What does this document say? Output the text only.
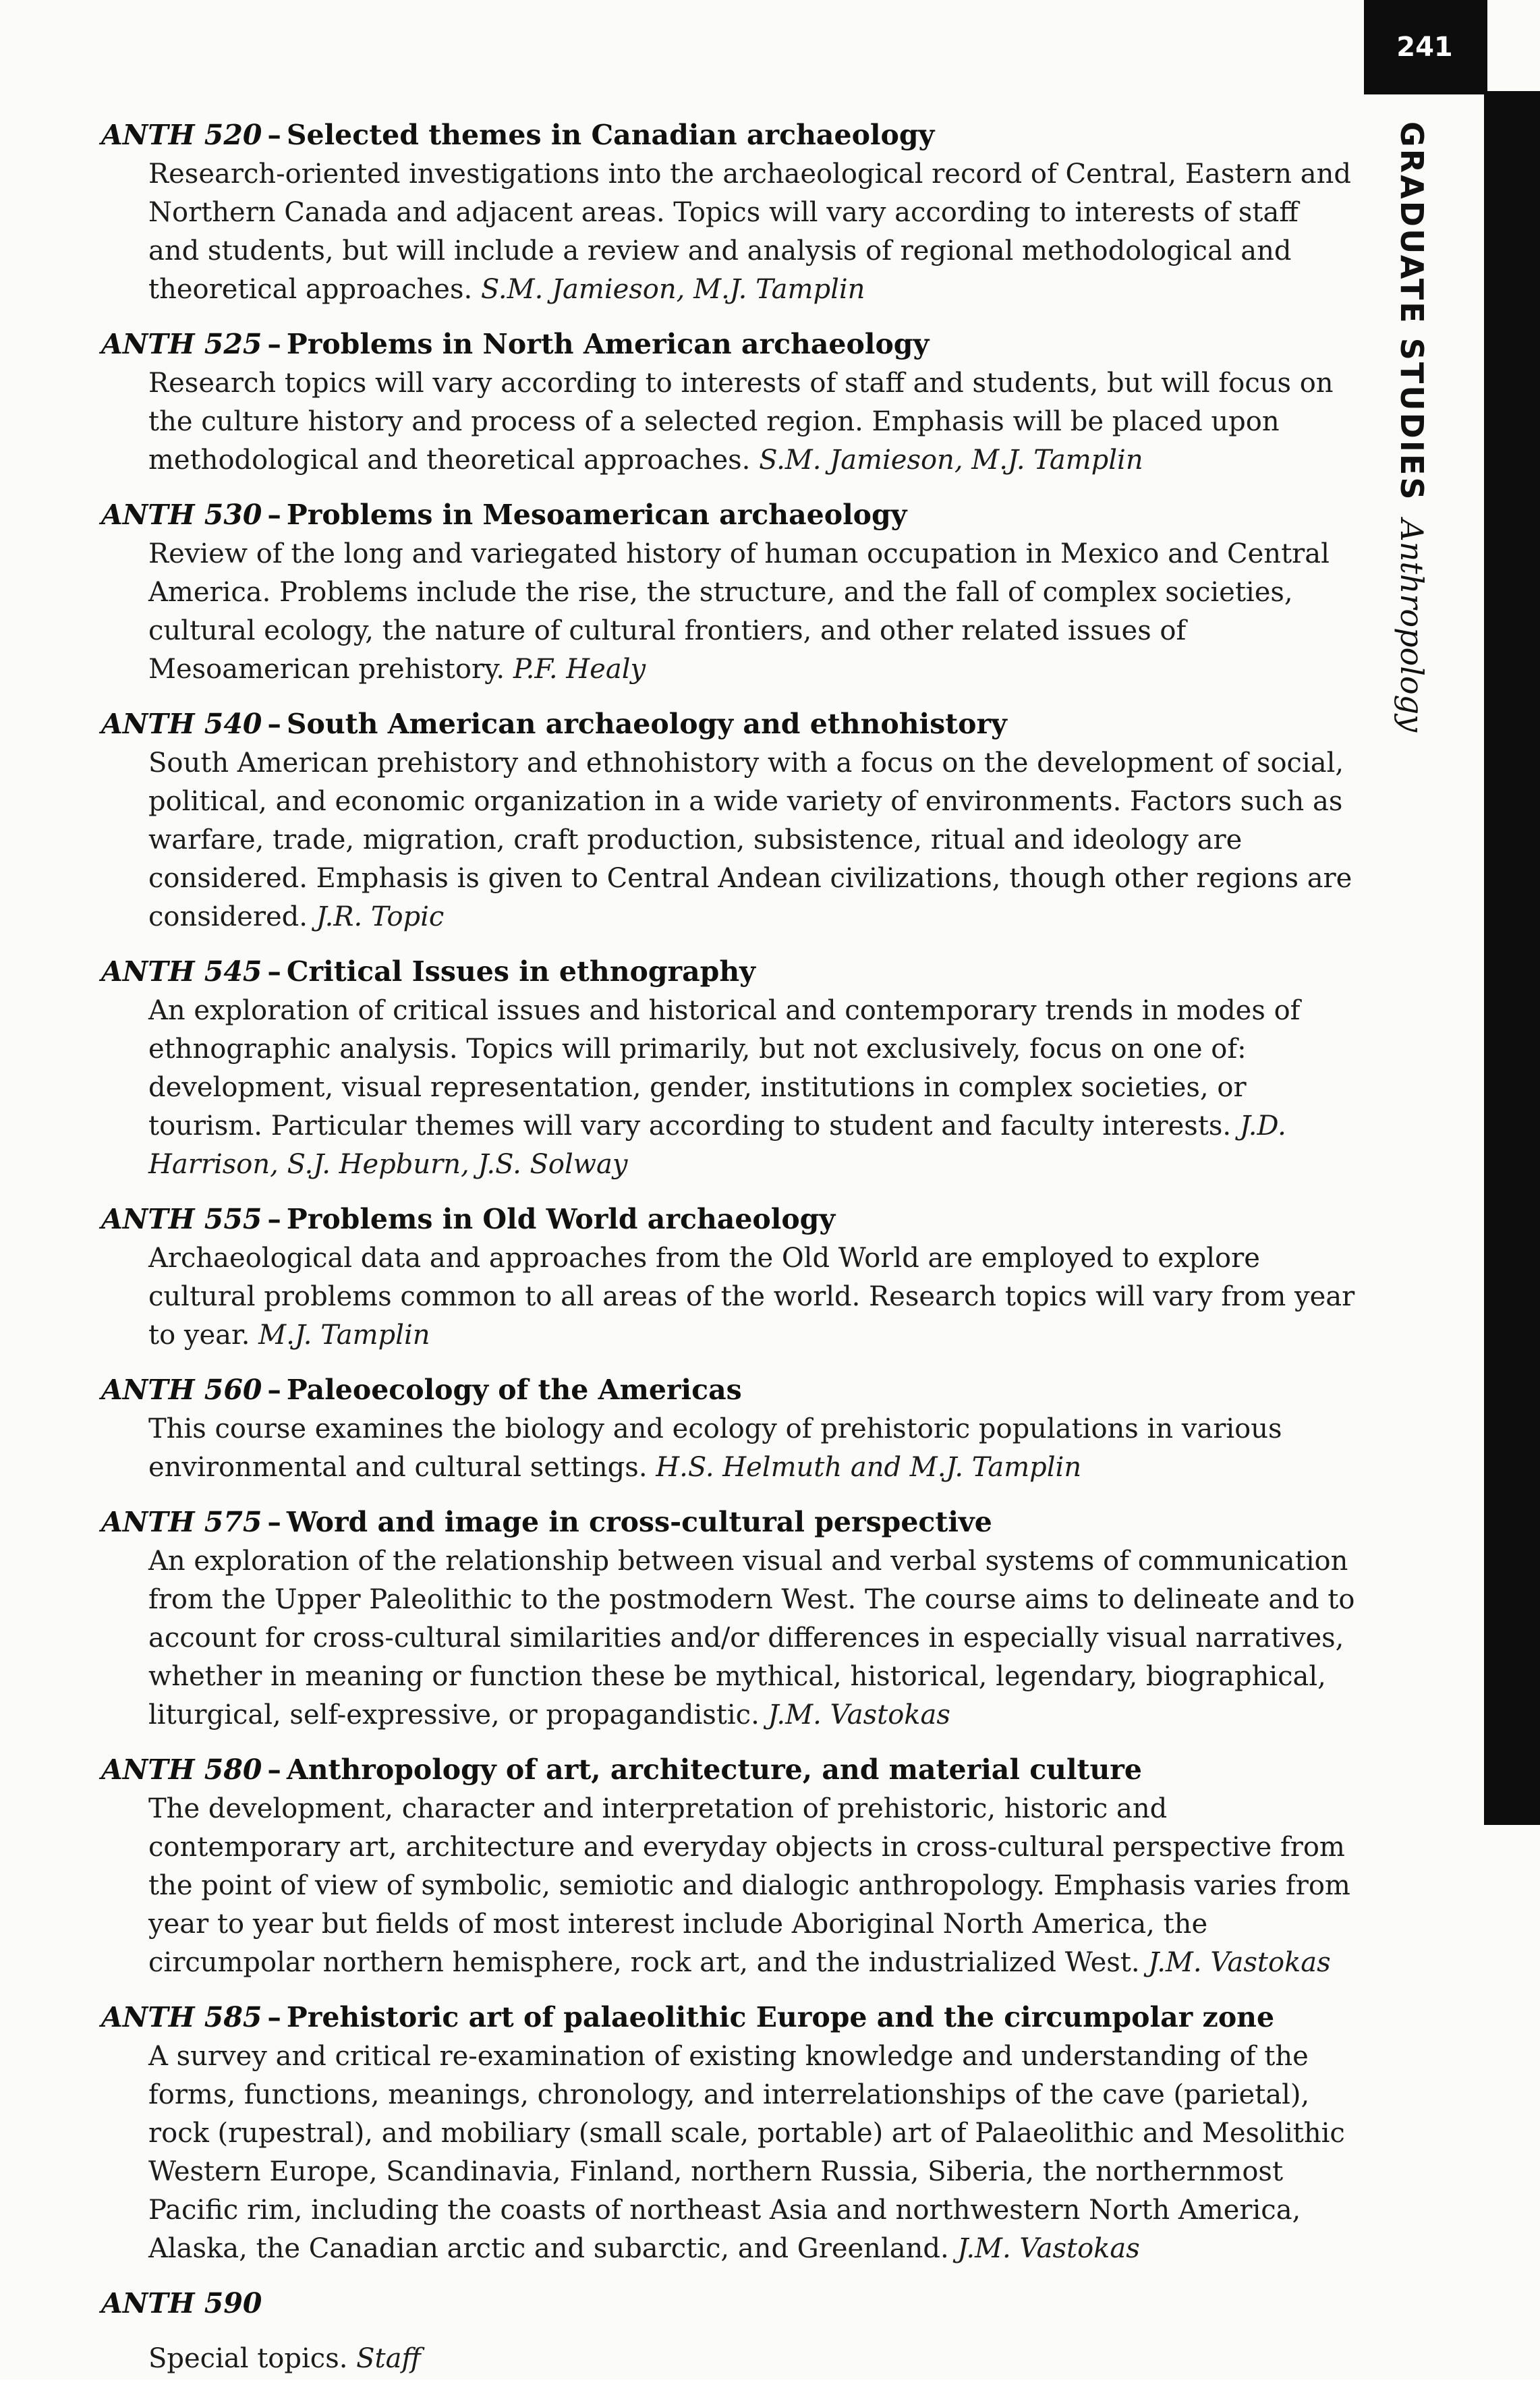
241
GRADUATE STUDIES
Anthropology
ANTH 520 – Selected themes in Canadian archaeology
Research-oriented investigations into the archaeological record of Central, Eastern and Northern Canada and adjacent areas. Topics will vary according to interests of staff and students, but will include a review and analysis of regional methodological and theoretical approaches. S.M. Jamieson, M.J. Tamplin
ANTH 525 – Problems in North American archaeology
Research topics will vary according to interests of staff and students, but will focus on the culture history and process of a selected region. Emphasis will be placed upon methodological and theoretical approaches. S.M. Jamieson, M.J. Tamplin
ANTH 530 – Problems in Mesoamerican archaeology
Review of the long and variegated history of human occupation in Mexico and Central America. Problems include the rise, the structure, and the fall of complex societies, cultural ecology, the nature of cultural frontiers, and other related issues of Mesoamerican prehistory. P.F. Healy
ANTH 540 – South American archaeology and ethnohistory
South American prehistory and ethnohistory with a focus on the development of social, political, and economic organization in a wide variety of environments. Factors such as warfare, trade, migration, craft production, subsistence, ritual and ideology are considered. Emphasis is given to Central Andean civilizations, though other regions are considered. J.R. Topic
ANTH 545 – Critical Issues in ethnography
An exploration of critical issues and historical and contemporary trends in modes of ethnographic analysis. Topics will primarily, but not exclusively, focus on one of: development, visual representation, gender, institutions in complex societies, or tourism. Particular themes will vary according to student and faculty interests. J.D. Harrison, S.J. Hepburn, J.S. Solway
ANTH 555 – Problems in Old World archaeology
Archaeological data and approaches from the Old World are employed to explore cultural problems common to all areas of the world. Research topics will vary from year to year. M.J. Tamplin
ANTH 560 – Paleoecology of the Americas
This course examines the biology and ecology of prehistoric populations in various environmental and cultural settings. H.S. Helmuth and M.J. Tamplin
ANTH 575 – Word and image in cross-cultural perspective
An exploration of the relationship between visual and verbal systems of communication from the Upper Paleolithic to the postmodern West. The course aims to delineate and to account for cross-cultural similarities and/or differences in especially visual narratives, whether in meaning or function these be mythical, historical, legendary, biographical, liturgical, self-expressive, or propagandistic. J.M. Vastokas
ANTH 580 – Anthropology of art, architecture, and material culture
The development, character and interpretation of prehistoric, historic and contemporary art, architecture and everyday objects in cross-cultural perspective from the point of view of symbolic, semiotic and dialogic anthropology. Emphasis varies from year to year but fields of most interest include Aboriginal North America, the circumpolar northern hemisphere, rock art, and the industrialized West. J.M. Vastokas
ANTH 585 – Prehistoric art of palaeolithic Europe and the circumpolar zone
A survey and critical re-examination of existing knowledge and understanding of the forms, functions, meanings, chronology, and interrelationships of the cave (parietal), rock (rupestral), and mobiliary (small scale, portable) art of Palaeolithic and Mesolithic Western Europe, Scandinavia, Finland, northern Russia, Siberia, the northernmost Pacific rim, including the coasts of northeast Asia and northwestern North America, Alaska, the Canadian arctic and subarctic, and Greenland. J.M. Vastokas
ANTH 590
Special topics. Staff
